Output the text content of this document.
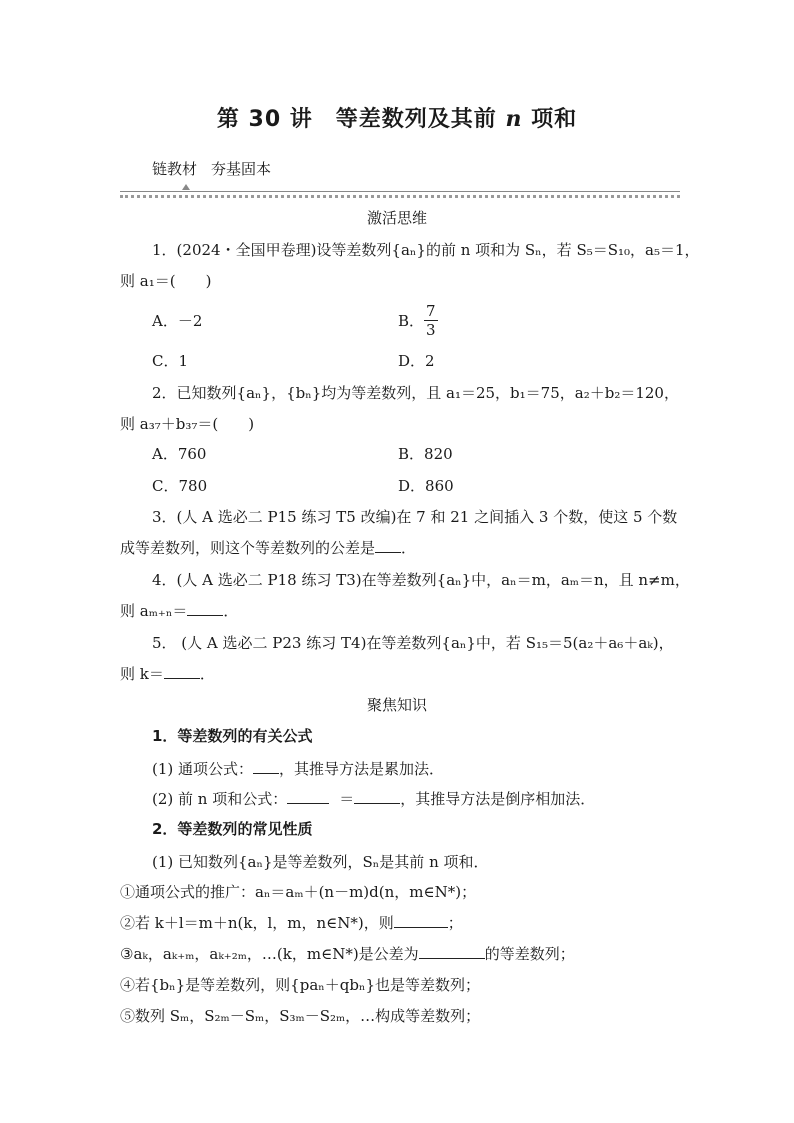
第 30 讲　等差数列及其前 n 项和
链教材 夯基固本
激活思维
1．(2024・全国甲卷理)设等差数列{aₙ}的前 n 项和为 Sₙ，若 S₅＝S₁₀，a₅＝1，
则 a₁＝(　　)
A．－2	B． $\frac{7}{3}$
C．1	D．2
2．已知数列{aₙ}，{bₙ}均为等差数列，且 a₁＝25，b₁＝75，a₂＋b₂＝120，
则 a₃₇＋b₃₇＝(　　)
A．760	B．820
C．780	D．860
3．(人 A 选必二 P15 练习 T5 改编)在 7 和 21 之间插入 3 个数，使这 5 个数
成等差数列，则这个等差数列的公差是 ．
4．(人 A 选必二 P18 练习 T3)在等差数列{aₙ}中，aₙ＝m，aₘ＝n，且 n≠m，
则 aₘ₊ₙ＝ ．
5． (人 A 选必二 P23 练习 T4)在等差数列{aₙ}中，若 S₁₅＝5(a₂＋a₆＋aₖ)，
则 k＝ ．
聚焦知识
1．等差数列的有关公式
(1) 通项公式： ，其推导方法是累加法．
(2) 前 n 项和公式：	＝	，其推导方法是倒序相加法．
2．等差数列的常见性质
(1) 已知数列{aₙ}是等差数列，Sₙ是其前 n 项和．
①通项公式的推广：aₙ＝aₘ＋(n－m)d(n，m∈N*)；
②若 k＋l＝m＋n(k，l，m，n∈N*)，则	；
③aₖ，aₖ₊ₘ，aₖ₊₂ₘ，…(k，m∈N*)是公差为	的等差数列；
④若{bₙ}是等差数列，则{paₙ＋qbₙ}也是等差数列；
⑤数列 Sₘ，S₂ₘ－Sₘ，S₃ₘ－S₂ₘ，…构成等差数列；
